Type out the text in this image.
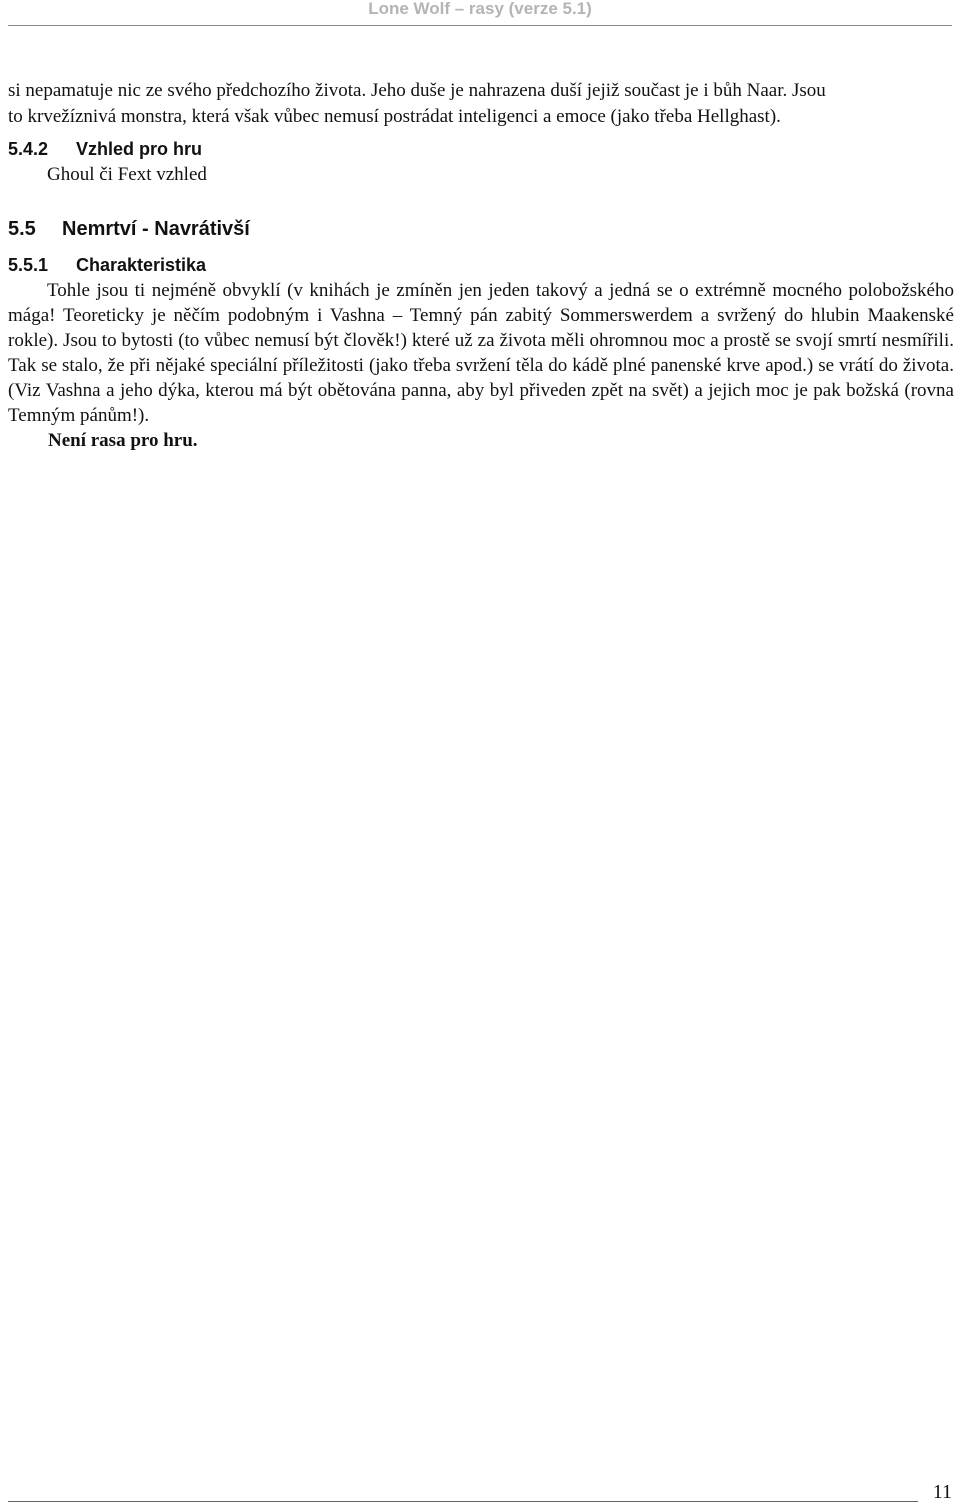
Lone Wolf – rasy (verze 5.1)

si nepamatuje nic ze svého předchozího života. Jeho duše je nahrazena duší jejiž součast je i bůh Naar. Jsou

to krvežíznivá monstra, která však vůbec nemusí postrádat inteligenci a emoce (jako třeba Hellghast).

5.4.2 Vzhled pro hru

Ghoul či Fext vzhled

5.5 Nemrtví - Navrátivší
5.5.1 Charakteristika

Tohle jsou ti nejméně obvyklí (v knihách je zmíněn jen jeden takový a jedná se o extrémně mocného polobožského mága! Teoreticky je něčím podobným i Vashna – Temný pán zabitý Sommerswerdem a svržený do hlubin Maakenské rokle). Jsou to bytosti (to vůbec nemusí být člověk!) které už za života měli ohromnou moc a prostě se svojí smrtí nesmířili. Tak se stalo, že při nějaké speciální příležitosti (jako třeba svržení těla do kádě plné panenské krve apod.) se vrátí do života. (Viz Vashna a jeho dýka, kterou má být obětována panna, aby byl přiveden zpět na svět) a jejich moc je pak božská (rovna Temným pánům!).

Není rasa pro hru.

11
